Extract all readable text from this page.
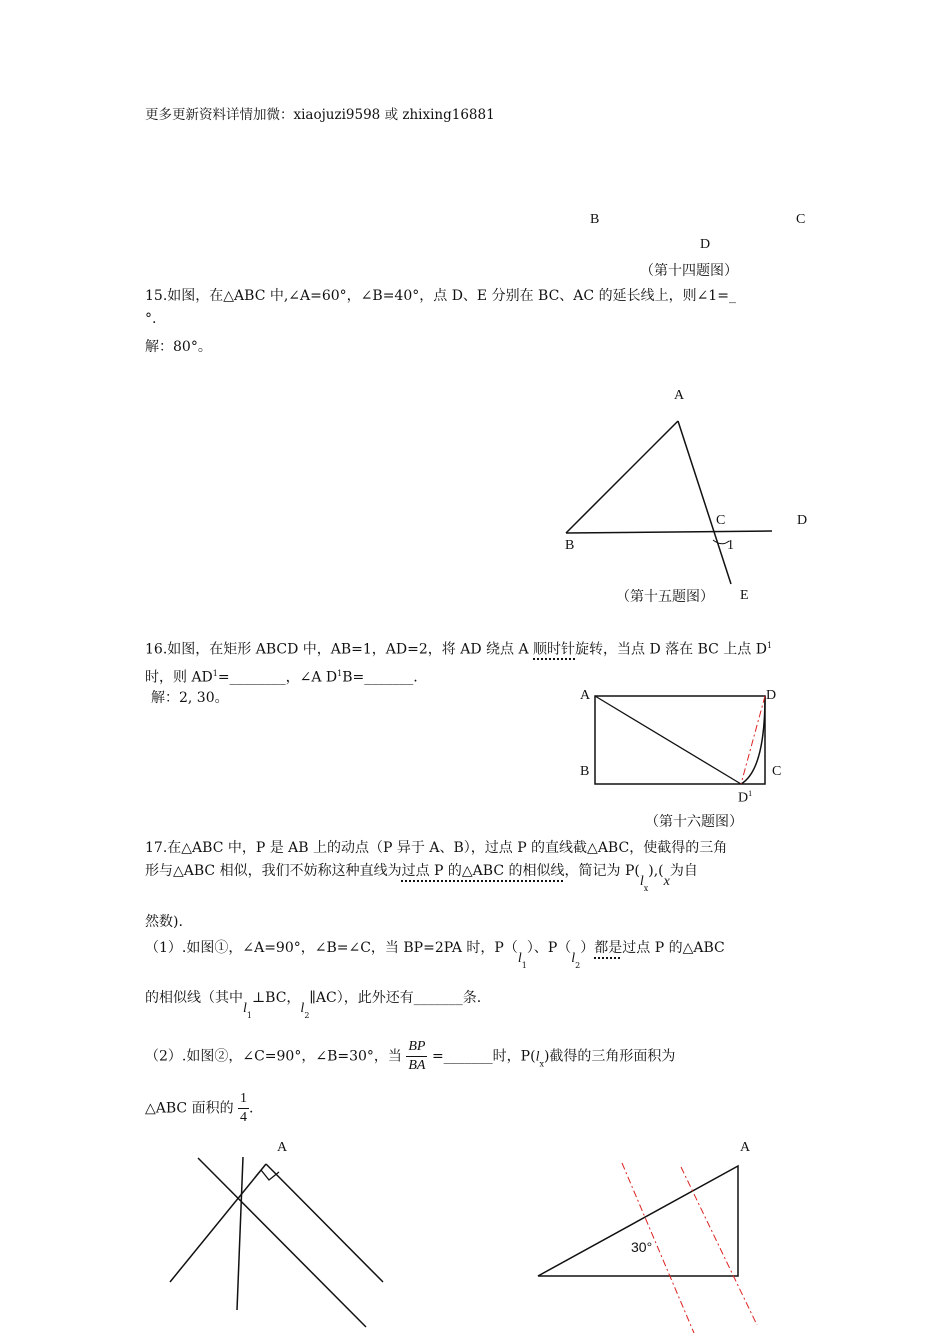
更多更新资料详情加微：xiaojuzi9598 或 zhixing16881
B	C
D
（第十四题图）
15.如图，在△ABC 中,∠A=60°，∠B=40°，点 D、E 分别在 BC、AC 的延长线上，则∠1=_
°.
解：80°。
A
B
C	D
1
（第十五题图） E
16.如图，在矩形 ABCD 中，AB=1，AD=2，将 AD 绕点 A 顺时针旋转，当点 D 落在 BC 上点 $D^1$
时，则 $AD^1=\_\_\_\_\_\_\_\_$，∠A $D^1B=\_\_\_\_\_\_\_$.
解：2, 30。	A	D
B	C
$D^1$
（第十六题图）
17.在△ABC 中，P 是 AB 上的动点（P 异于 A、B），过点 P 的直线截△ABC，使截得的三角
形与△ABC 相似，我们不妨称这种直线为过点 P 的△ABC 的相似线，简记为 $P(l_x),(x$为自
然数).
（1）.如图①，∠A=90°，∠B=∠C，当 BP=2PA 时，$P(l_1)$、$P(l_2)$都是过点 P 的△ABC
的相似线（其中$l_1\perp BC$，$l_2\parallel AC$），此外还有_______条.
（2）.如图②，∠C=90°，∠B=30°，当 $\frac{BP}{BA}$ =_______时，$P(l_x)$截得的三角形面积为
△ABC 面积的 $\frac{1}{4}$ .
A	A
30°
